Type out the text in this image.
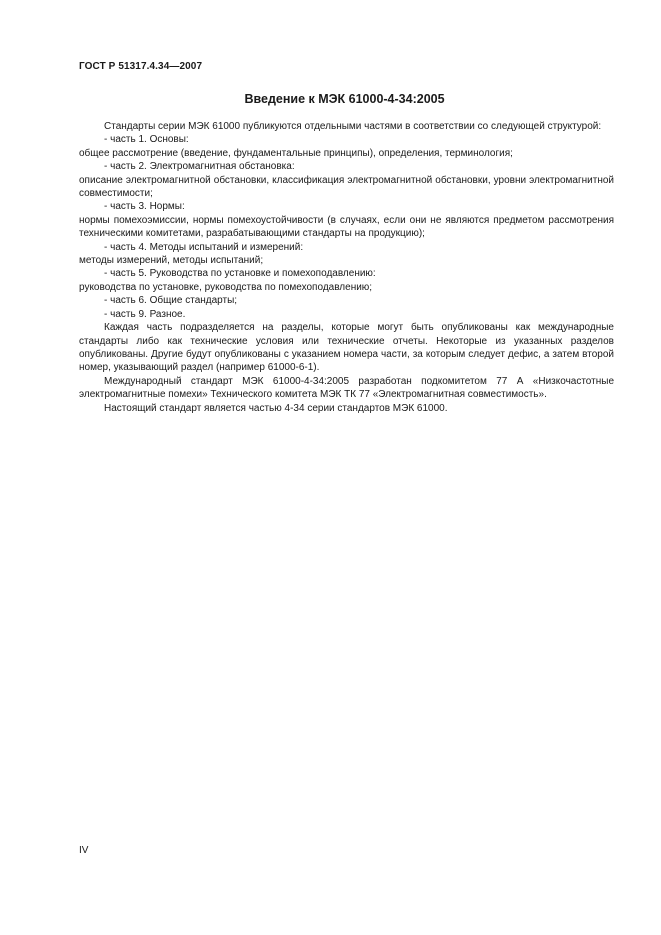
ГОСТ Р 51317.4.34—2007
Введение к МЭК 61000-4-34:2005

Стандарты серии МЭК 61000 публикуются отдельными частями в соответствии со следующей структурой:

- часть 1. Основы:

общее рассмотрение (введение, фундаментальные принципы), определения, терминология;

- часть 2. Электромагнитная обстановка:

описание электромагнитной обстановки, классификация электромагнитной обстановки, уровни электромагнитной совместимости;

- часть 3. Нормы:

нормы помехоэмиссии, нормы помехоустойчивости (в случаях, если они не являются предметом рассмотрения техническими комитетами, разрабатывающими стандарты на продукцию);

- часть 4. Методы испытаний и измерений:

методы измерений, методы испытаний;

- часть 5. Руководства по установке и помехоподавлению:

руководства по установке, руководства по помехоподавлению;

- часть 6. Общие стандарты;

- часть 9. Разное.

Каждая часть подразделяется на разделы, которые могут быть опубликованы как международные стандарты либо как технические условия или технические отчеты. Некоторые из указанных разделов опубликованы. Другие будут опубликованы с указанием номера части, за которым следует дефис, а затем второй номер, указывающий раздел (например 61000-6-1).

Международный стандарт МЭК 61000-4-34:2005 разработан подкомитетом 77 А «Низкочастотные электромагнитные помехи» Технического комитета МЭК ТК 77 «Электромагнитная совместимость».

Настоящий стандарт является частью 4-34 серии стандартов МЭК 61000.

IV
